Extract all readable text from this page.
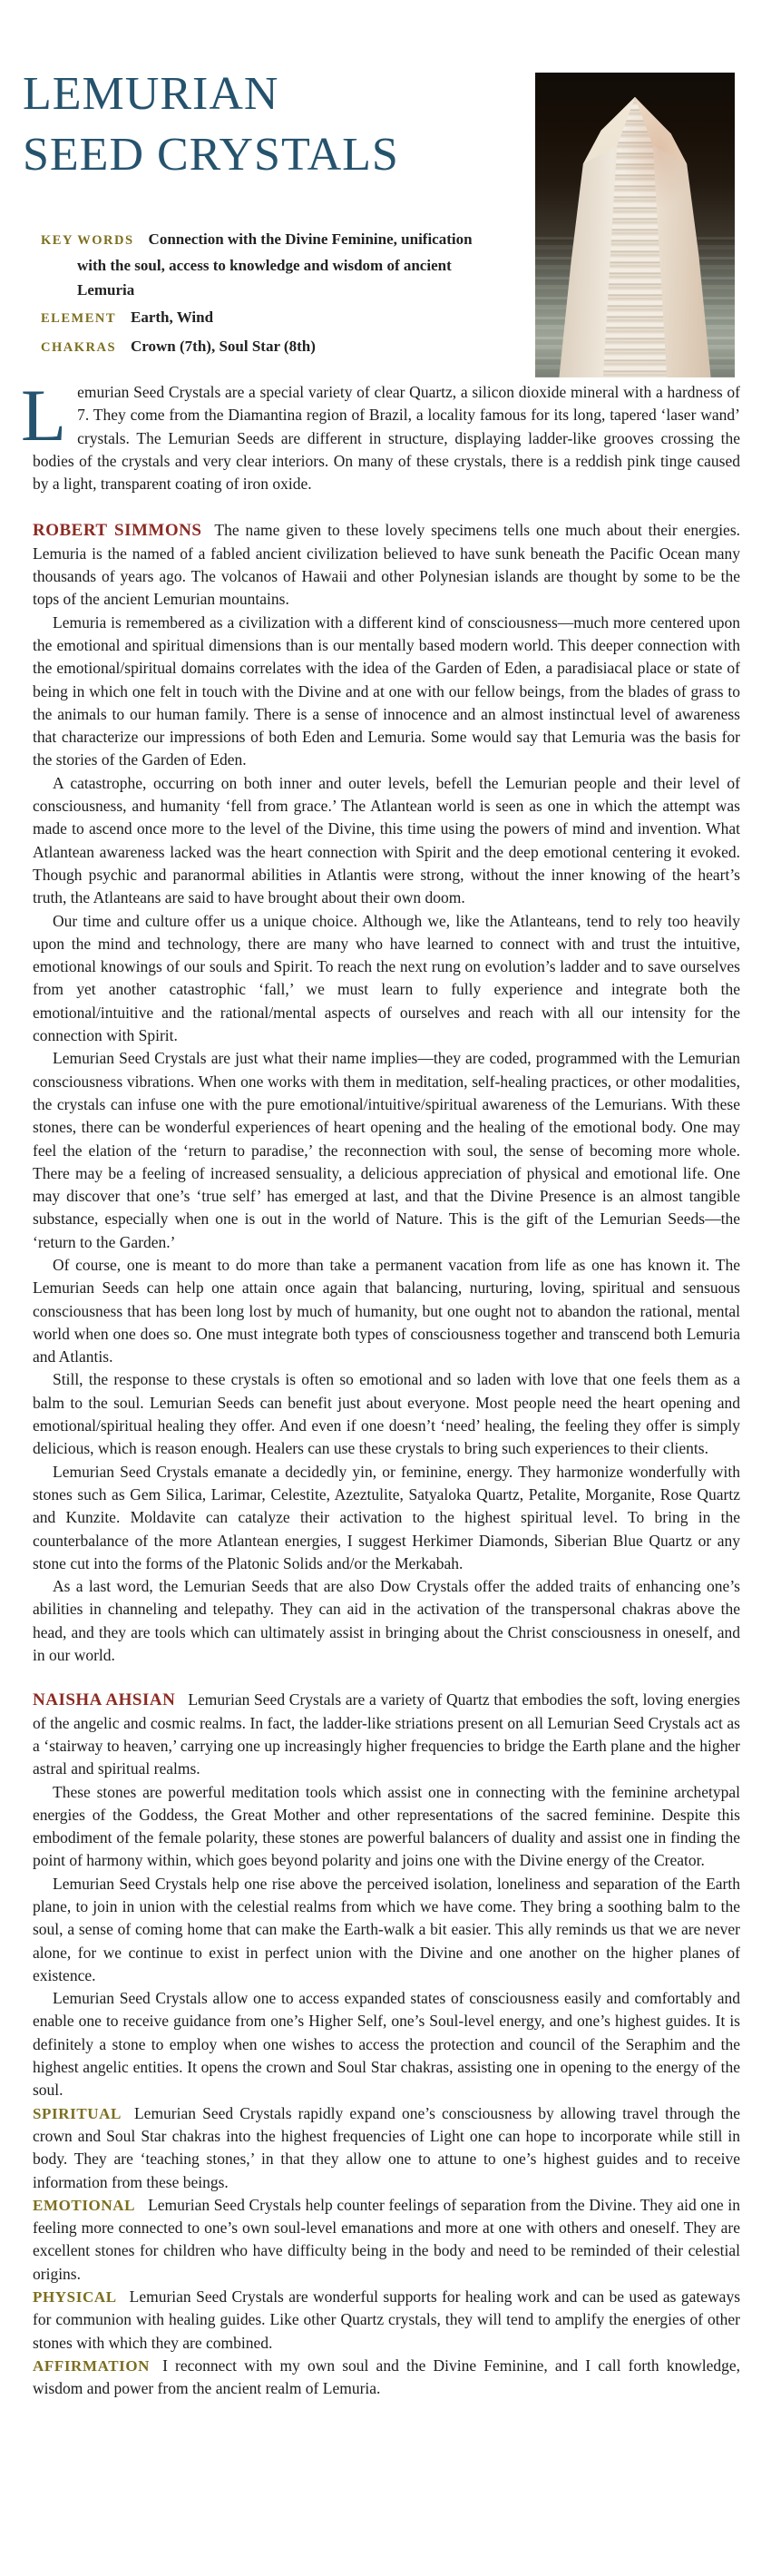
LEMURIAN
SEED CRYSTALS
KEY WORDS Connection with the Divine Feminine, unification with the soul, access to knowledge and wisdom of ancient Lemuria
ELEMENT Earth, Wind
CHAKRAS Crown (7th), Soul Star (8th)

Lemurian Seed Crystals are a special variety of clear Quartz, a silicon dioxide mineral with a hardness of 7. They come from the Diamantina region of Brazil, a locality famous for its long, tapered ‘laser wand’ crystals. The Lemurian Seeds are different in structure, displaying ladder-like grooves crossing the bodies of the crystals and very clear interiors. On many of these crystals, there is a reddish pink tinge caused by a light, transparent coating of iron oxide.

ROBERT SIMMONS The name given to these lovely specimens tells one much about their energies. Lemuria is the named of a fabled ancient civilization believed to have sunk beneath the Pacific Ocean many thousands of years ago. The volcanos of Hawaii and other Polynesian islands are thought by some to be the tops of the ancient Lemurian mountains.

Lemuria is remembered as a civilization with a different kind of consciousness—much more centered upon the emotional and spiritual dimensions than is our mentally based modern world. This deeper connection with the emotional/spiritual domains correlates with the idea of the Garden of Eden, a paradisiacal place or state of being in which one felt in touch with the Divine and at one with our fellow beings, from the blades of grass to the animals to our human family. There is a sense of innocence and an almost instinctual level of awareness that characterize our impressions of both Eden and Lemuria. Some would say that Lemuria was the basis for the stories of the Garden of Eden.

A catastrophe, occurring on both inner and outer levels, befell the Lemurian people and their level of consciousness, and humanity ‘fell from grace.’ The Atlantean world is seen as one in which the attempt was made to ascend once more to the level of the Divine, this time using the powers of mind and invention. What Atlantean awareness lacked was the heart connection with Spirit and the deep emotional centering it evoked. Though psychic and paranormal abilities in Atlantis were strong, without the inner knowing of the heart’s truth, the Atlanteans are said to have brought about their own doom.

Our time and culture offer us a unique choice. Although we, like the Atlanteans, tend to rely too heavily upon the mind and technology, there are many who have learned to connect with and trust the intuitive, emotional knowings of our souls and Spirit. To reach the next rung on evolution’s ladder and to save ourselves from yet another catastrophic ‘fall,’ we must learn to fully experience and integrate both the emotional/intuitive and the rational/mental aspects of ourselves and reach with all our intensity for the connection with Spirit.

Lemurian Seed Crystals are just what their name implies—they are coded, programmed with the Lemurian consciousness vibrations. When one works with them in meditation, self-healing practices, or other modalities, the crystals can infuse one with the pure emotional/intuitive/spiritual awareness of the Lemurians. With these stones, there can be wonderful experiences of heart opening and the healing of the emotional body. One may feel the elation of the ‘return to paradise,’ the reconnection with soul, the sense of becoming more whole. There may be a feeling of increased sensuality, a delicious appreciation of physical and emotional life. One may discover that one’s ‘true self’ has emerged at last, and that the Divine Presence is an almost tangible substance, especially when one is out in the world of Nature. This is the gift of the Lemurian Seeds—the ‘return to the Garden.’

Of course, one is meant to do more than take a permanent vacation from life as one has known it. The Lemurian Seeds can help one attain once again that balancing, nurturing, loving, spiritual and sensuous consciousness that has been long lost by much of humanity, but one ought not to abandon the rational, mental world when one does so. One must integrate both types of consciousness together and transcend both Lemuria and Atlantis.

Still, the response to these crystals is often so emotional and so laden with love that one feels them as a balm to the soul. Lemurian Seeds can benefit just about everyone. Most people need the heart opening and emotional/spiritual healing they offer. And even if one doesn’t ‘need’ healing, the feeling they offer is simply delicious, which is reason enough. Healers can use these crystals to bring such experiences to their clients.

Lemurian Seed Crystals emanate a decidedly yin, or feminine, energy. They harmonize wonderfully with stones such as Gem Silica, Larimar, Celestite, Azeztulite, Satyaloka Quartz, Petalite, Morganite, Rose Quartz and Kunzite. Moldavite can catalyze their activation to the highest spiritual level. To bring in the counterbalance of the more Atlantean energies, I suggest Herkimer Diamonds, Siberian Blue Quartz or any stone cut into the forms of the Platonic Solids and/or the Merkabah.

As a last word, the Lemurian Seeds that are also Dow Crystals offer the added traits of enhancing one’s abilities in channeling and telepathy. They can aid in the activation of the transpersonal chakras above the head, and they are tools which can ultimately assist in bringing about the Christ consciousness in oneself, and in our world.

NAISHA AHSIAN Lemurian Seed Crystals are a variety of Quartz that embodies the soft, loving energies of the angelic and cosmic realms. In fact, the ladder-like striations present on all Lemurian Seed Crystals act as a ‘stairway to heaven,’ carrying one up increasingly higher frequencies to bridge the Earth plane and the higher astral and spiritual realms.

These stones are powerful meditation tools which assist one in connecting with the feminine archetypal energies of the Goddess, the Great Mother and other representations of the sacred feminine. Despite this embodiment of the female polarity, these stones are powerful balancers of duality and assist one in finding the point of harmony within, which goes beyond polarity and joins one with the Divine energy of the Creator.

Lemurian Seed Crystals help one rise above the perceived isolation, loneliness and separation of the Earth plane, to join in union with the celestial realms from which we have come. They bring a soothing balm to the soul, a sense of coming home that can make the Earth-walk a bit easier. This ally reminds us that we are never alone, for we continue to exist in perfect union with the Divine and one another on the higher planes of existence.

Lemurian Seed Crystals allow one to access expanded states of consciousness easily and comfortably and enable one to receive guidance from one’s Higher Self, one’s Soul-level energy, and one’s highest guides. It is definitely a stone to employ when one wishes to access the protection and council of the Seraphim and the highest angelic entities. It opens the crown and Soul Star chakras, assisting one in opening to the energy of the soul.

SPIRITUAL Lemurian Seed Crystals rapidly expand one’s consciousness by allowing travel through the crown and Soul Star chakras into the highest frequencies of Light one can hope to incorporate while still in body. They are ‘teaching stones,’ in that they allow one to attune to one’s highest guides and to receive information from these beings.

EMOTIONAL Lemurian Seed Crystals help counter feelings of separation from the Divine. They aid one in feeling more connected to one’s own soul-level emanations and more at one with others and oneself. They are excellent stones for children who have difficulty being in the body and need to be reminded of their celestial origins.

PHYSICAL Lemurian Seed Crystals are wonderful supports for healing work and can be used as gateways for communion with healing guides. Like other Quartz crystals, they will tend to amplify the energies of other stones with which they are combined.

AFFIRMATION I reconnect with my own soul and the Divine Feminine, and I call forth knowledge, wisdom and power from the ancient realm of Lemuria.
